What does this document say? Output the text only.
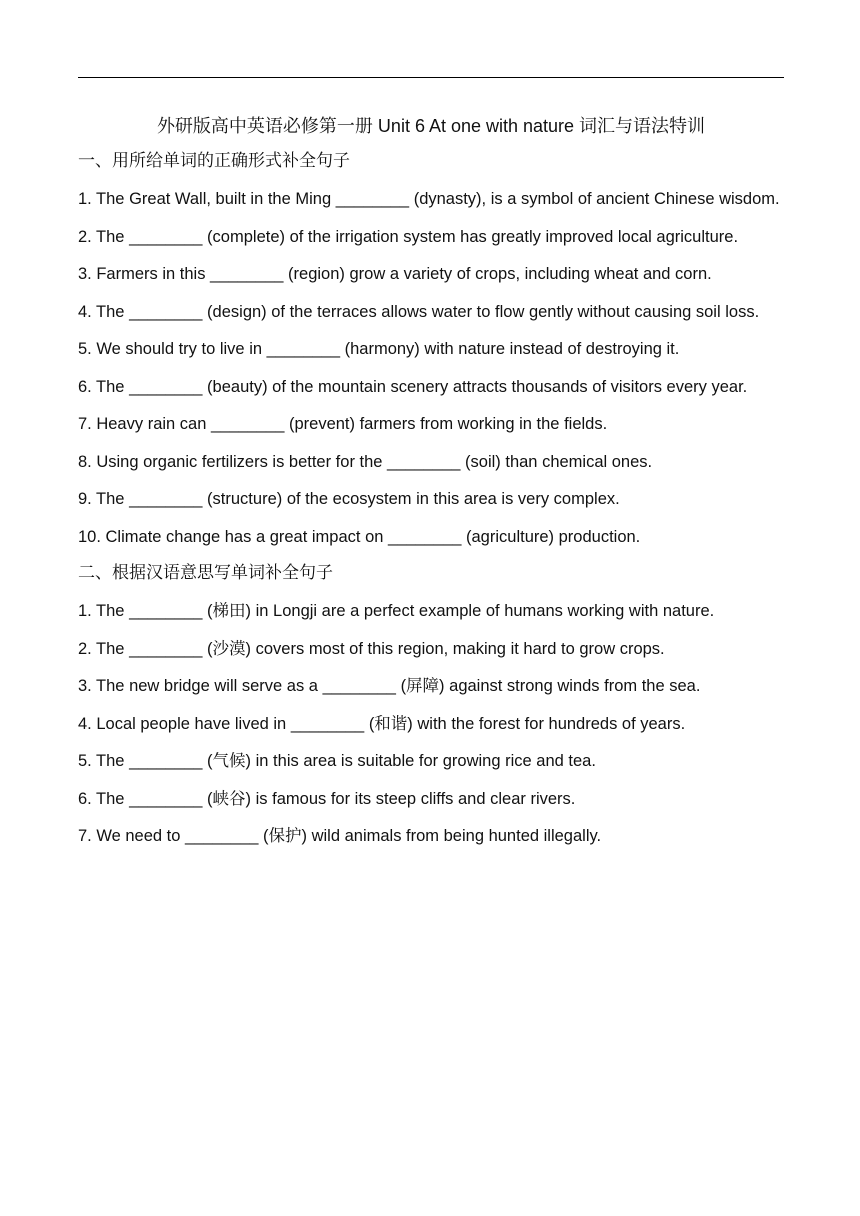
外研版高中英语必修第一册 Unit 6 At one with nature 词汇与语法特训
一、用所给单词的正确形式补全句子

1. The Great Wall, built in the Ming ________ (dynasty), is a symbol of ancient Chinese wisdom.

2. The ________ (complete) of the irrigation system has greatly improved local agriculture.

3. Farmers in this ________ (region) grow a variety of crops, including wheat and corn.

4. The ________ (design) of the terraces allows water to flow gently without causing soil loss.

5. We should try to live in ________ (harmony) with nature instead of destroying it.

6. The ________ (beauty) of the mountain scenery attracts thousands of visitors every year.

7. Heavy rain can ________ (prevent) farmers from working in the fields.

8. Using organic fertilizers is better for the ________ (soil) than chemical ones.

9. The ________ (structure) of the ecosystem in this area is very complex.

10. Climate change has a great impact on ________ (agriculture) production.

二、根据汉语意思写单词补全句子

1. The ________ (梯田) in Longji are a perfect example of humans working with nature.

2. The ________ (沙漠) covers most of this region, making it hard to grow crops.

3. The new bridge will serve as a ________ (屏障) against strong winds from the sea.

4. Local people have lived in ________ (和谐) with the forest for hundreds of years.

5. The ________ (气候) in this area is suitable for growing rice and tea.

6. The ________ (峡谷) is famous for its steep cliffs and clear rivers.

7. We need to ________ (保护) wild animals from being hunted illegally.
